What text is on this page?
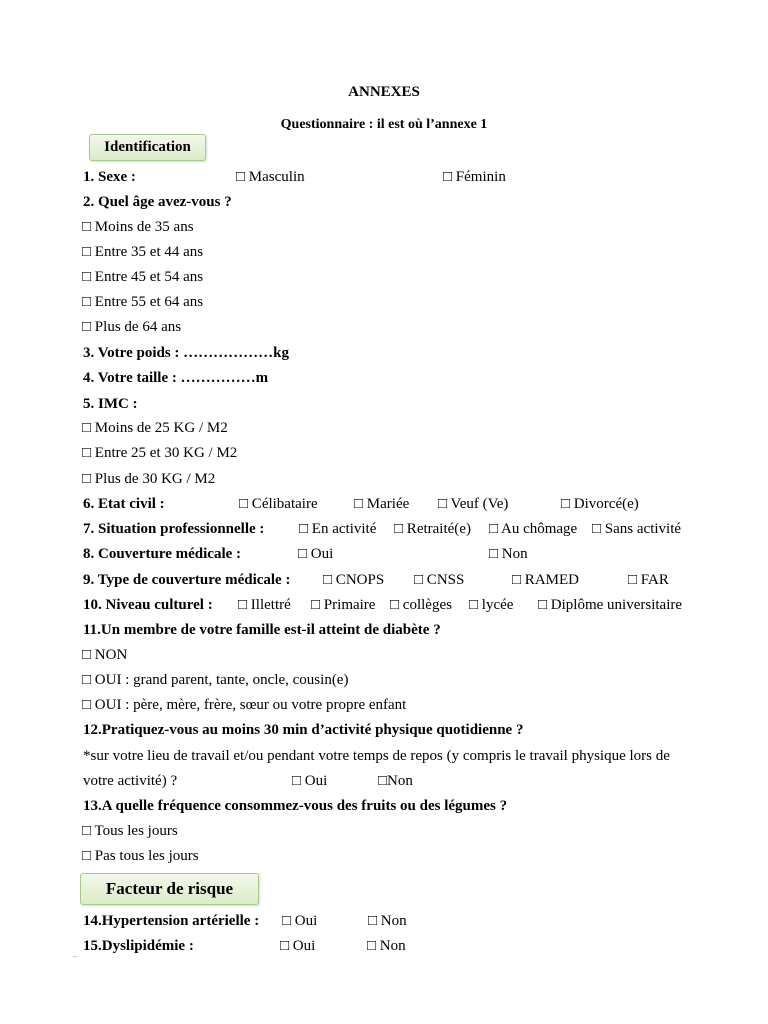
ANNEXES
Questionnaire : il est où l’annexe 1
Identification
1. Sexe :	□ Masculin	□ Féminin
2. Quel âge avez-vous ?
□ Moins de 35 ans
□ Entre 35 et 44 ans
□ Entre 45 et 54 ans
□ Entre 55 et 64 ans
□ Plus de 64 ans
3. Votre poids : ………………kg
4. Votre taille : ……………m
5. IMC :
□ Moins de 25 KG / M2
□ Entre 25 et 30 KG / M2
□ Plus de 30 KG / M2
6. Etat civil :	□ Célibataire □ Mariée □ Veuf (Ve)	□ Divorcé(e)
7. Situation professionnelle : □ En activité □ Retraité(e) □ Au chômage □ Sans activité
8. Couverture médicale :	□ Oui	□ Non
9. Type de couverture médicale : □ CNOPS □ CNSS	□ RAMED	□ FAR
10. Niveau culturel : □ Illettré □ Primaire □ collèges □ lycée □ Diplôme universitaire
11.Un membre de votre famille est-il atteint de diabète ?
□ NON
□ OUI : grand parent, tante, oncle, cousin(e)
□ OUI : père, mère, frère, sœur ou votre propre enfant
12.Pratiquez-vous au moins 30 min d’activité physique quotidienne ?
*sur votre lieu de travail et/ou pendant votre temps de repos (y compris le travail physique lors de
votre activité) ?	□ Oui	□Non
13.A quelle fréquence consommez-vous des fruits ou des légumes ?
□ Tous les jours
□ Pas tous les jours
Facteur de risque
14.Hypertension artérielle : □ Oui	□ Non
15.Dyslipidémie :	□ Oui	□ Non
